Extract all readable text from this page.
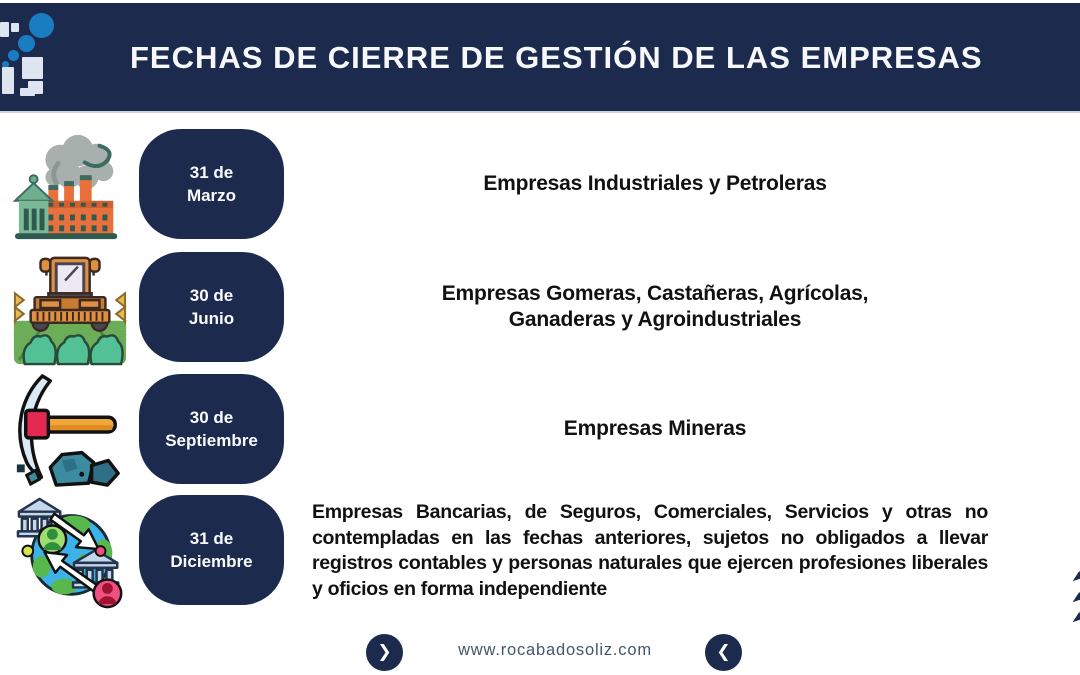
FECHAS DE CIERRE DE GESTIÓN DE LAS EMPRESAS
31 de
Marzo
Empresas Industriales y Petroleras
30 de
Junio
Empresas Gomeras, Castañeras, Agrícolas,
Ganaderas y Agroindustriales
30 de
Septiembre
Empresas Mineras
31 de
Diciembre
Empresas Bancarias, de Seguros, Comerciales, Servicios y otras no contempladas en las fechas anteriores, sujetos no obligados a llevar registros contables y personas naturales que ejercen profesiones liberales y oficios en forma independiente
❯	www.rocabadosoliz.com	❮
